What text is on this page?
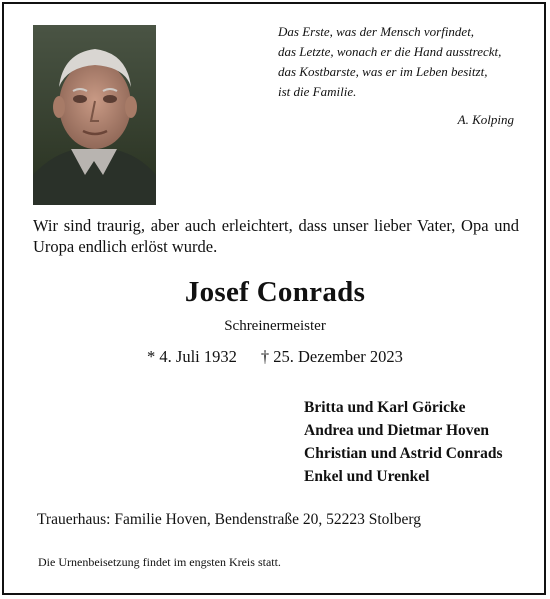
Das Erste, was der Mensch vorfindet,
das Letzte, wonach er die Hand ausstreckt,
das Kostbarste, was er im Leben besitzt,
ist die Familie.
A. Kolping
Wir sind traurig, aber auch erleichtert, dass unser lieber Vater, Opa und Uropa endlich erlöst wurde.
Josef Conrads
Schreinermeister
* 4. Juli 1932 † 25. Dezember 2023
Britta und Karl Göricke
Andrea und Dietmar Hoven
Christian und Astrid Conrads
Enkel und Urenkel
Trauerhaus: Familie Hoven, Bendenstraße 20, 52223 Stolberg
Die Urnenbeisetzung findet im engsten Kreis statt.
